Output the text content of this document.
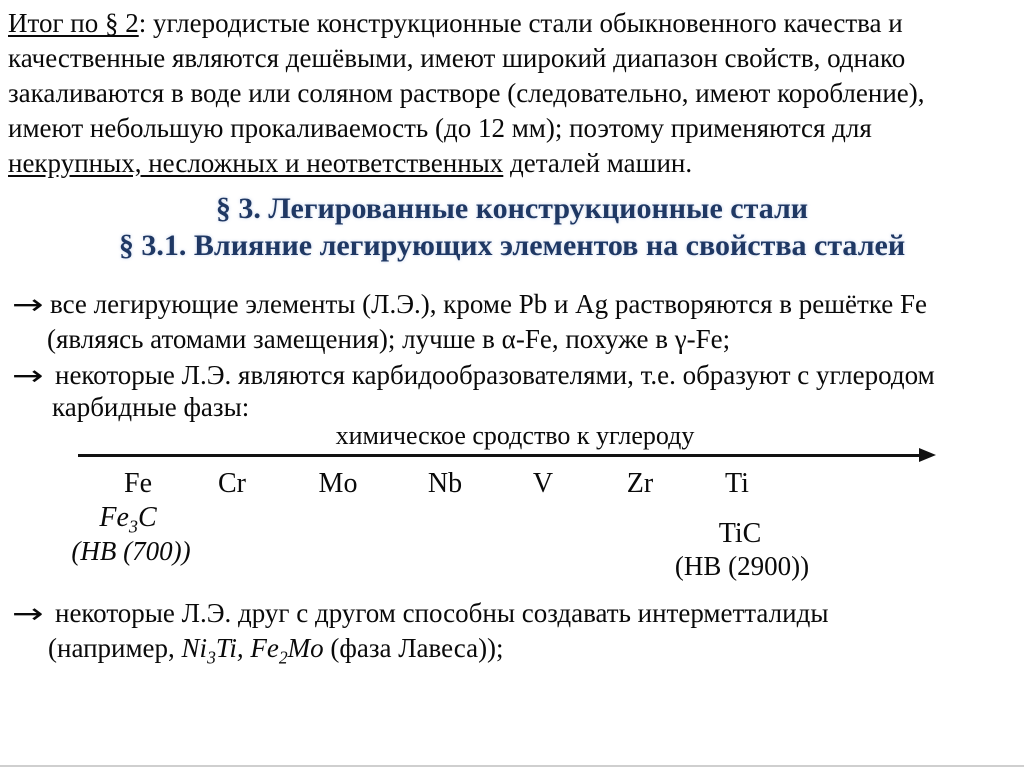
Итог по § 2: углеродистые конструкционные стали обыкновенного качества и
качественные являются дешёвыми, имеют широкий диапазон свойств, однако
закаливаются в воде или соляном растворе (следовательно, имеют коробление),
имеют небольшую прокаливаемость (до 12 мм); поэтому применяются для
некрупных, несложных и неответственных деталей машин.
§ 3. Легированные конструкционные стали
§ 3.1. Влияние легирующих элементов на свойства сталей
→ все легирующие элементы (Л.Э.), кроме Pb и Ag растворяются в решётке Fe
(являясь атомами замещения); лучше в α-Fe, похуже в γ-Fe;
→ некоторые Л.Э. являются карбидообразователями, т.е. образуют с углеродом
карбидные фазы:
химическое сродство к углероду
Fe Cr	Mo	Nb	V	Zr	Ti
$Fe_3C$
(HB (700))
TiC
(HB (2900))
→ некоторые Л.Э. друг с другом способны создавать интерметталиды
(например, $Ni_3Ti$, $Fe_2Mo$ (фаза Лавеса));
